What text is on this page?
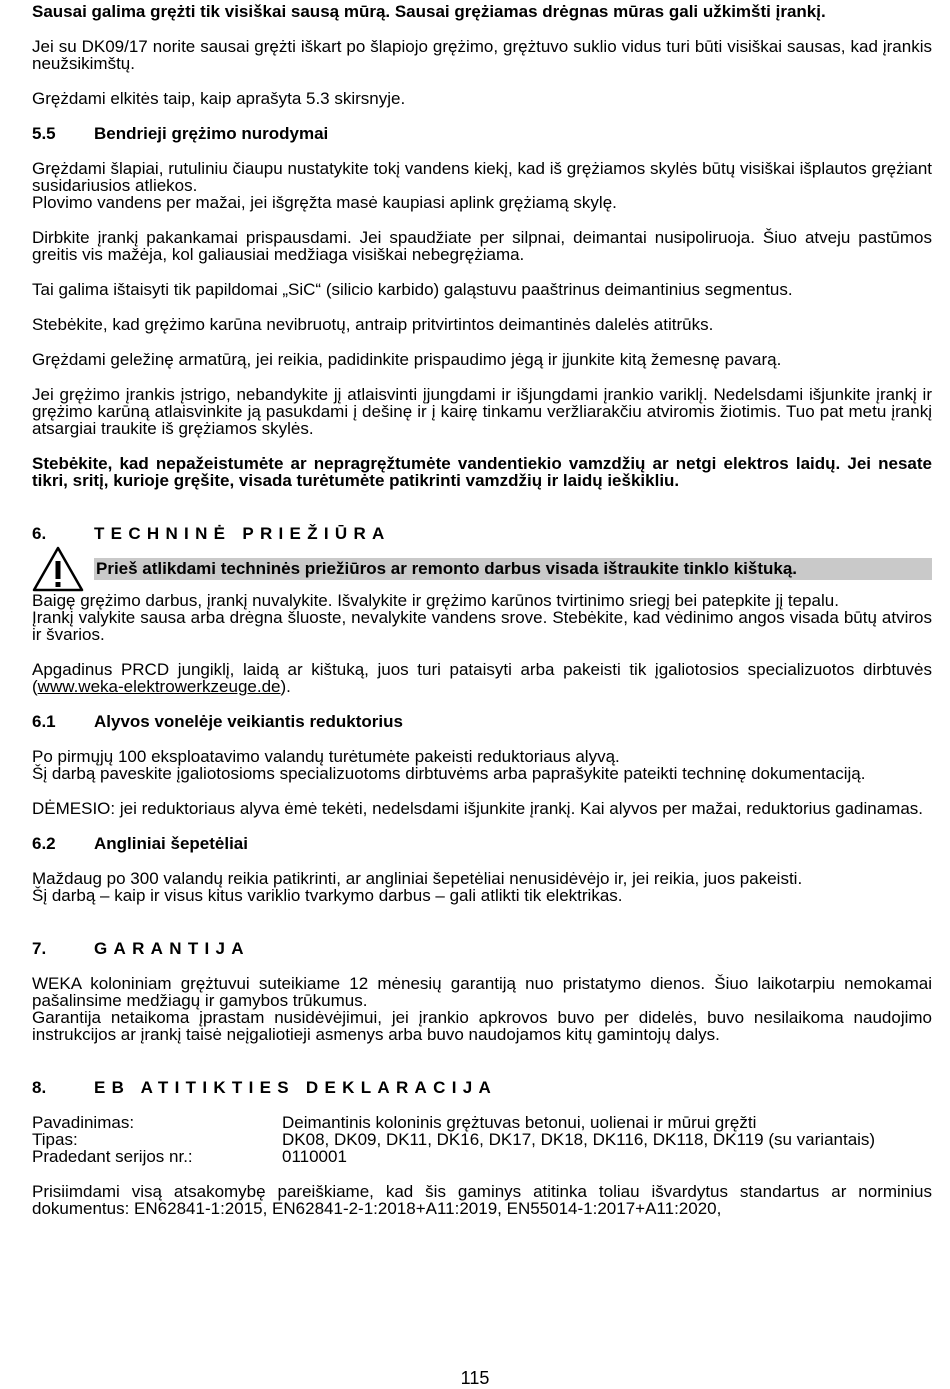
Sausai galima grężti tik visiškai sausą mūrą. Sausai grężiamas drėgnas mūras gali užkimšti įrankį.

Jei su DK09/17 norite sausai grężti iškart po šlapiojo grężimo, grężtuvo suklio vidus turi būti visiškai sausas, kad įrankis neužsikimštų.

Grężdami elkitės taip, kaip aprašyta 5.3 skirsnyje.

5.5	Bendrieji grężimo nurodymai

Grężdami šlapiai, rutuliniu čiaupu nustatykite tokį vandens kiekį, kad iš grężiamos skylės būtų visiškai išplautos grężiant susidariusios atliekos.

Plovimo vandens per mažai, jei išgręžta masė kaupiasi aplink grężiamą skylę.

Dirbkite įrankį pakankamai prispausdami. Jei spaudžiate per silpnai, deimantai nusipoliruoja. Šiuo atveju pastūmos greitis vis mažėja, kol galiausiai medžiaga visiškai nebegrężiama.

Tai galima ištaisyti tik papildomai „SiC“ (silicio karbido) galąstuvu paaštrinus deimantinius segmentus.

Stebėkite, kad grężimo karūna nevibruotų, antraip pritvirtintos deimantinės dalelės atitrūks.

Grężdami geležinę armatūrą, jei reikia, padidinkite prispaudimo jėgą ir įjunkite kitą žemesnę pavarą.

Jei grężimo įrankis įstrigo, nebandykite jį atlaisvinti įjungdami ir išjungdami įrankio variklį. Nedelsdami išjunkite įrankį ir grężimo karūną atlaisvinkite ją pasukdami į dešinę ir į kairę tinkamu veržliarakčiu atviromis žiotimis. Tuo pat metu įrankį atsargiai traukite iš grężiamos skylės.

Stebėkite, kad nepažeistumėte ar nepragręžtumėte vandentiekio vamzdžių ar netgi elektros laidų. Jei nesate tikri, sritį, kurioje gręšite, visada turėtumėte patikrinti vamzdžių ir laidų ieškikliu.

6.	TECHNINĖ PRIEŽIŪRA
Prieš atlikdami techninės priežiūros ar remonto darbus visada ištraukite tinklo kištuką.

Baigę grężimo darbus, įrankį nuvalykite. Išvalykite ir grężimo karūnos tvirtinimo sriegį bei patepkite jį tepalu.

Įrankį valykite sausa arba drėgna šluoste, nevalykite vandens srove. Stebėkite, kad vėdinimo angos visada būtų atviros ir švarios.

Apgadinus PRCD jungiklį, laidą ar kištuką, juos turi pataisyti arba pakeisti tik įgaliotosios specializuotos dirbtuvės (www.weka-elektrowerkzeuge.de).

6.1	Alyvos vonelėje veikiantis reduktorius

Po pirmųjų 100 eksploatavimo valandų turėtumėte pakeisti reduktoriaus alyvą.

Šį darbą paveskite įgaliotosioms specializuotoms dirbtuvėms arba paprašykite pateikti techninę dokumentaciją.

DĖMESIO: jei reduktoriaus alyva ėmė tekėti, nedelsdami išjunkite įrankį. Kai alyvos per mažai, reduktorius gadinamas.

6.2	Angliniai šepetėliai

Maždaug po 300 valandų reikia patikrinti, ar angliniai šepetėliai nenusidėvėjo ir, jei reikia, juos pakeisti.

Šį darbą – kaip ir visus kitus variklio tvarkymo darbus – gali atlikti tik elektrikas.

7.	GARANTIJA

WEKA koloniniam grężtuvui suteikiame 12 mėnesių garantiją nuo pristatymo dienos. Šiuo laikotarpiu nemokamai pašalinsime medžiagų ir gamybos trūkumus.

Garantija netaikoma įprastam nusidėvėjimui, jei įrankio apkrovos buvo per didelės, buvo nesilaikoma naudojimo instrukcijos ar įrankį taisė neįgaliotieji asmenys arba buvo naudojamos kitų gamintojų dalys.

8.	EB ATITIKTIES DEKLARACIJA
Pavadinimas:	Deimantinis koloninis grężtuvas betonui, uolienai ir mūrui gręžti
Tipas:	DK08, DK09, DK11, DK16, DK17, DK18, DK116, DK118, DK119 (su variantais)
Pradedant serijos nr.:	0110001

Prisiimdami visą atsakomybę pareiškiame, kad šis gaminys atitinka toliau išvardytus standartus ar norminius dokumentus: EN62841-1:2015, EN62841-2-1:2018+A11:2019, EN55014-1:2017+A11:2020,

115
